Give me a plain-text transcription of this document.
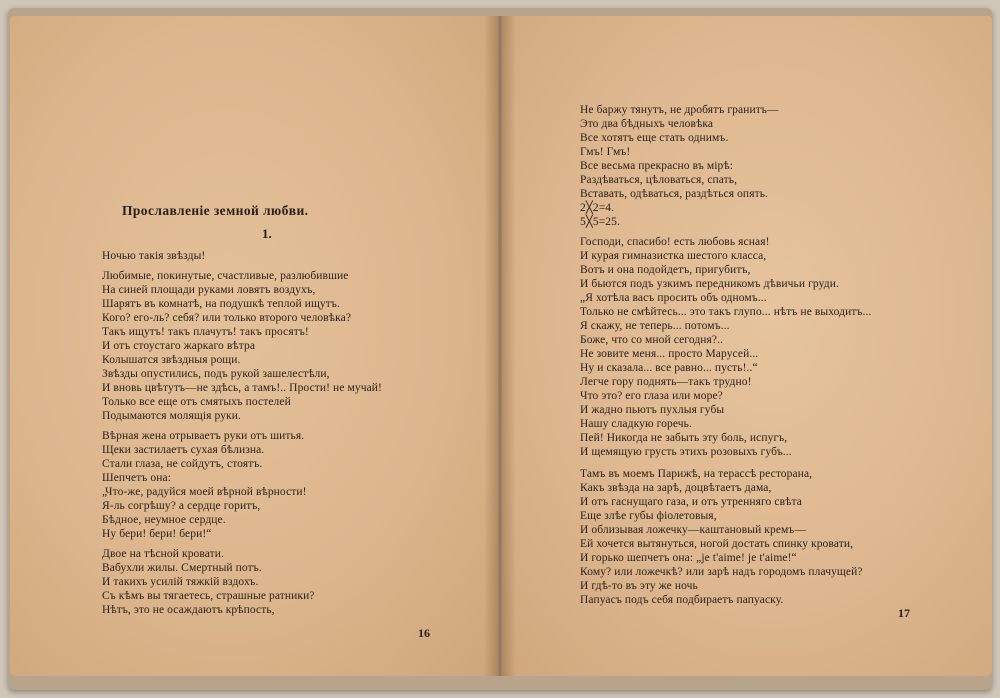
Прославленiе земной любви.
1.
Ночью такiя звѣзды!
Любимые, покинутые, счастливые, разлюбившие
На синей площади руками ловятъ воздухъ,
Шарятъ въ комнатѣ, на подушкѣ теплой ищутъ.
Кого? его-ль? себя? или только второго человѣка?
Такъ ищутъ! такъ плачутъ! такъ просятъ!
И отъ стоустаго жаркаго вѣтра
Колышатся звѣздныя рощи.
Звѣзды опустились, подъ рукой зашелестѣли,
И вновь цвѣтутъ—не здѣсь, а тамъ!.. Прости! не мучай!
Только все еще отъ смятыхъ постелей
Подымаются молящiя руки.
Вѣрная жена отрываетъ руки отъ шитья.
Щеки застилаетъ сухая бѣлизна.
Стали глаза, не сойдутъ, стоятъ.
Шепчетъ она:
„Что-же, радуйся моей вѣрной вѣрности!
Я-ль согрѣшу? а сердце горитъ,
Бѣдное, неумное сердце.
Ну бери! бери! бери!“
Двое на тѣсной кровати.
Вабухли жилы. Смертный потъ.
И такихъ усилiй тяжкiй вздохъ.
Съ кѣмъ вы тягаетесь, страшные ратники?
Нѣтъ, это не осаждаютъ крѣпость,
16
Не баржу тянутъ, не дробятъ гранитъ—
Это два бѣдныхъ человѣка
Все хотятъ еще стать однимъ.
Гмъ! Гмъ!
Все весьма прекрасно въ мiрѣ:
Раздѣваться, цѣловаться, спать,
Вставать, одѣваться, раздѣться опять.
2╳2=4.
5╳5=25.
Господи, спасибо! есть любовь ясная!
И курая гимназистка шестого класса,
Вотъ и она подойдетъ, пригубитъ,
И бьются подъ узкимъ передникомъ дѣвичьи груди.
„Я хотѣла васъ просить объ одномъ...
Только не смѣйтесь... это такъ глупо... нѣтъ не выходитъ...
Я скажу, не теперь... потомъ...
Боже, что со мной сегодня?..
Не зовите меня... просто Марусей...
Ну и сказала... все равно... пусть!..“
Легче гору поднять—такъ трудно!
Что это? его глаза или море?
И жадно пьютъ пухлыя губы
Нашу сладкую горечь.
Пей! Никогда не забыть эту боль, испугъ,
И щемящую грусть этихъ розовыхъ губъ...
Тамъ въ моемъ Парижѣ, на терассѣ ресторана,
Какъ звѣзда на зарѣ, доцвѣтаетъ дама,
И отъ гаснущаго газа, и отъ утренняго свѣта
Еще злѣе губы фiолетовыя,
И облизывая ложечку—каштановый кремъ—
Ей хочется вытянуться, ногой достать спинку кровати,
И горько шепчетъ она: „je t'aime! je t'aime!“
Кому? или ложечкѣ? или зарѣ надъ городомъ плачущей?
И гдѣ-то въ эту же ночь
Папуасъ подъ себя подбираетъ папуаску.
17
